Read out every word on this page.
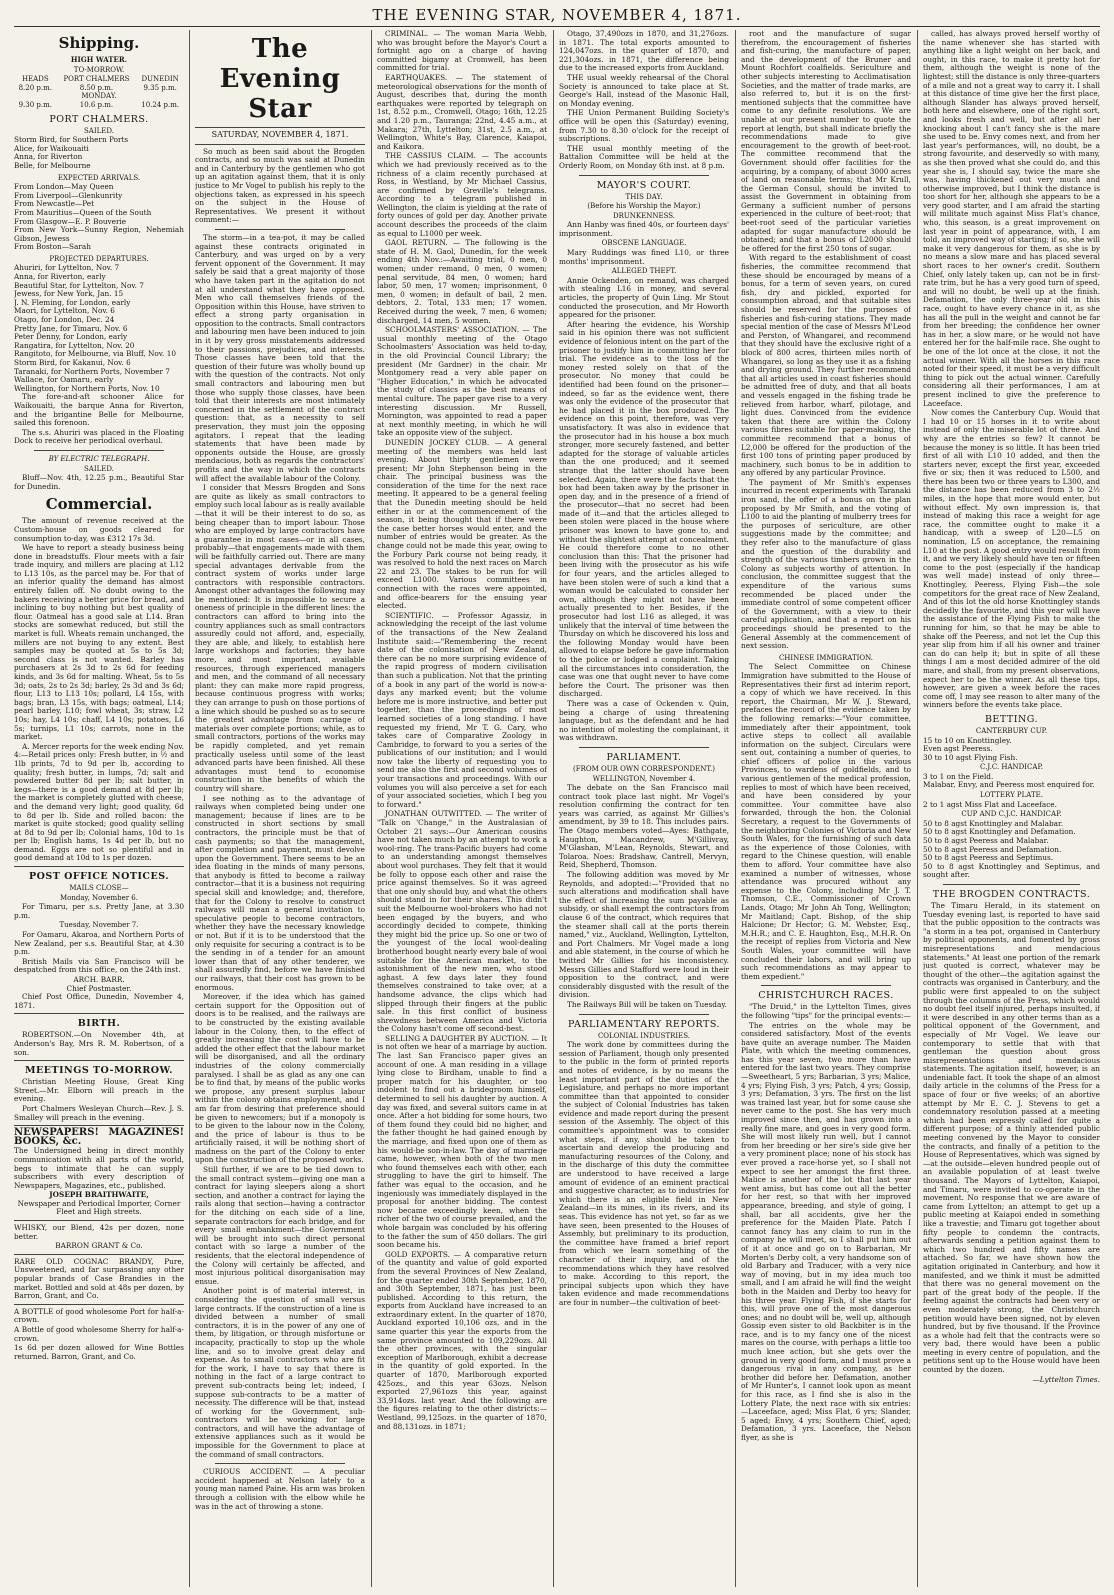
THE EVENING STAR, NOVEMBER 4, 1871.
Shipping.
HIGH WATER.
TO-MORROW.
HEADS	PORT CHALMERS	DUNEDIN
8.20 p.m.	8.50 p.m.	9.35 p.m.
MONDAY.		
9.30 p.m.	10.6 p.m.	10.24 p.m.
PORT CHALMERS.
SAILED.
Storm Bird, for Southern Ports
Alice, for Waikouaiti
Anna, for Riverton
Belle, for Melbourne
EXPECTED ARRIVALS.
From London—May Queen
From Liverpool—Glenkunrity
From Newcastle—Pet
From Mauritius—Queen of the South
From Glasgow—E. P. Bouverie
From New York—Sunny Region, Nehemiah Gibson, Jewess
From Boston—Sarah
PROJECTED DEPARTURES.
Ahuriri, for Lyttelton, Nov. 7
Anna, for Riverton, early
Beautiful Star, for Lyttelton, Nov. 7
Jewess, for New York, Jan. 15
J. N. Fleming, for London, early
Maori, for Lyttelton, Nov. 6
Otago, for London, Dec. 24
Pretty Jane, for Timaru, Nov. 6
Peter Denny, for London, early
Rangatira, for Lyttelton, Nov. 20
Rangitoto, for Melbourne, via Bluff, Nov. 10
Storm Bird, for Kakanui, Nov. 6
Taranaki, for Northern Ports, November 7
Wallace, for Oamaru, early
Wellington, for Northern Ports, Nov. 10

The fore-and-aft schooner Alice for Waikouaiti, the barque Anna for Riverton, and the brigantine Belle for Melbourne, sailed this forenoon.

The s.s. Ahuriri was placed in the Floating Dock to receive her periodical overhaul.

BY ELECTRIC TELEGRAPH.
SAILED.

Bluff—Nov. 4th, 12.25 p.m., Beautiful Star for Dunedin.

Commercial.

The amount of revenue received at the Custom-house on goods cleared for consumption to-day, was £312 17s 3d.

We have to report a steady business being done in breadstuffs. Flour meets with a fair trade inquiry, and millers are placing at L12 to L13 10s, as the parcel may be. For that of an inferior quality the demand has almost entirely fallen off. No doubt owing to the bakers receiving a better price for bread, and inclining to buy nothing but best quality of flour. Oatmeal has a good sale at L14. Bran stocks are somewhat reduced, but still the market is full. Wheats remain unchanged, the millers are not buying to any extent. Best samples may be quoted at 5s to 5s 3d; second class is not wanted. Barley has purchasers at 2s 3d to 2s 6d for feeding kinds, and 3s 6d for malting. Wheat, 5s to 5s 3d; oats, 2s to 2s 3d; barley, 2s 3d and 3s 6d; flour, L13 to L13 10s; pollard, L4 15s, with bags; bran, L3 15s, with bags; oatmeal, L14; pearl barley, L10; fowl wheat, 3s; straw, L2 10s; hay, L4 10s; chaff, L4 10s; potatoes, L6 5s; turnips, L1 10s; carrots, none in the market.

A. Mercer reports for the week ending Nov. 4:—Retail prices only: Fresh butter, in ½ and 1lb prints, 7d to 9d per lb, according to quality; fresh butter, in lumps, 7d; salt and powdered butter 8d per lb; salt butter, in kegs—there is a good demand at 8d per lb; the market is completely glutted with cheese, and the demand very light; good quality, 6d to 8d per lb. Side and rolled bacon: the market is quite stocked; good quality selling at 8d to 9d per lb; Colonial hams, 10d to 1s per lb; English hams, 1s 4d per lb, but no demand. Eggs are not so plentiful and in good demand at 10d to 1s per dozen.

POST OFFICE NOTICES.
MAILS CLOSE—
Monday, November 6.

For Timaru, per s.s. Pretty Jane, at 3.30 p.m.

Tuesday, November 7.

For Oamaru, Akaroa, and Northern Ports of New Zealand, per s.s. Beautiful Star, at 4.30 p.m.

British Mails via San Francisco will be despatched from this office, on the 24th inst.

ARCH. BARR.
Chief Postmaster.

Chief Post Office, Dunedin, November 4, 1871.

BIRTH.

ROBERTSON.—On November 4th, at Anderson's Bay, Mrs R. M. Robertson, of a son.

MEETINGS TO-MORROW.

Christian Meeting House, Great King Street.—Mr. Elborn will preach in the evening.

Port Chalmers Wesleyan Church—Rev. J. S. Smalley will preach in the evening.

NEWSPAPERS! MAGAZINES! BOOKS, &c.

The Undersigned being in direct monthly communication with all parts of the world, begs to intimate that he can supply subscribers with every description of Newspapers, Magazines, etc., published.

JOSEPH BRAITHWAITE,
Newspaper and Periodical Importer, Corner Fleet and High streets.

WHISKY, our Blend, 42s per dozen, none better.

BARRON GRANT & Co.

RARE OLD COGNAC BRANDY, Pure, Unsweetened, and far surpassing any other popular brands of Case Brandies in the market. Bottled and sold at 48s per dozen, by Barron, Grant, and Co.

A BOTTLE of good wholesome Port for half-a-crown.

A Bottle of good wholesome Sherry for half-a-crown.

1s 6d per dozen allowed for Wine Bottles returned. Barron, Grant, and Co.

The Evening Star
SATURDAY, NOVEMBER 4, 1871.

So much as been said about the Brogden contracts, and so much was said at Dunedin and in Canterbury by the gentlemen who got up an agitation against them, that it is only justice to Mr Vogel to publish his reply to the objections taken, as expressed in his speech on the subject in the House of Representatives. We present it without comment:—

The storm—in a tea-pot, it may be called against these contracts originated in Canterbury, and was urged on by a very fervent opponent of the Government. It may safely be said that a great majority of those who have taken part in the agitation do not at all understand what they have opposed. Men who call themselves friends of the Opposition within this House, have striven to effect a strong party organisation in opposition to the contracts. Small contractors and labouring men have been induced to join in it by very gross misstatements addressed to their passions, prejudices, and interests. Those classes have been told that the question of their future was wholly bound up with the question of the contracts. Not only small contractors and labouring men but those who supply those classes, have been told that their interests are most intimately concerned in the settlement of the contract question: that, as a necessity to self preservation, they must join the opposing agitators. I repeat that the leading statements that have been made by opponents outside the House, are grossly mendacious, both as regards the contractors' profits and the way in which the contracts will affect the available labour of the Colony.

I consider that Messrs Brogden and Sons are quite as likely as small contractors to employ such local labour as is really available—that it will be their interest to do so, as being cheaper than to import labour. Those who are employed by large contractors have a guarantee in most cases—or in all cases, probably—that engagements made with them will be faithfully carried out. There are many special advantages derivable from the contract system of works under large contractors with responsible contractors. Amongst other advantages the following may be mentioned: It is impossible to secure a oneness of principle in the different lines: the contractors can afford to bring into the country appliances such as small contractors assuredly could not afford, and, especially, they are able, and likely, to establish here large workshops and factories; they have more, and most important, available resources, through experienced managers and men, and the command of all necessary plant: they can make more rapid progress, because continuous progress with works; they can arrange to push on those portions of a line which should be pushed so as to secure the greatest advantage from carriage of materials over complete portions; while, as to small contractors, portions of the works may be rapidly completed, and yet remain practically useless until some of the least advanced parts have been finished. All these advantages must tend to economise construction in the benefits of which the country will share.

I see nothing as to the advantage of railways when completed being under one management; because if lines are to be constructed in short sections by small contractors, the principle must be that of cash payments; so that the management, after completion and payment, must devolve upon the Government. There seems to be an idea floating in the minds of many persons, that anybody is fitted to become a railway contractor—that it is a business not requiring special skill and knowledge; and, therefore, that for the Colony to resolve to construct railways will mean a general invitation to speculative people to become contractors, whether they have the necessary knowledge or not. But if it is to be understood that the only requisite for securing a contract is to be the sending in of a tender for an amount lower than that of any other tenderer, we shall assuredly find, before we have finished our railways, that their cost has grown to be enormous.

Moreover, if the idea which has gained certain support for the Opposition out of doors is to be realised, and the railways are to be constructed by the existing available labour in the Colony, then, to the effect of greatly increasing the cost will have to be added the other effect that the labour market will be disorganised, and all the ordinary industries of the colony commercially paralysed. I shall be as glad as any one can be to find that, by means of the public works we propose, any present surplus labour within the colony obtains employment, and I am far from desiring that preference should be given to newcomers; but if a monopoly is to be given to the labour now in the Colony, and the price of labour is thus to be artificially raised, it will be nothing short of madness on the part of the Colony to enter upon the construction of the proposed works.

Still further, if we are to be tied down to the small contract system—giving one man a contract for laying sleepers along a short section, and another a contract for laying the rails along that section—having a contractor for the ditching on each side of a line, separate contractors for each bridge, and for every small embankment—the Government will be brought into such direct personal contact with so large a number of the residents, that the electoral independence of the Colony will certainly be affected, and most injurious political disorganisation may ensue.

Another point is of material interest, in considering the question of small versus large contracts. If the construction of a line is divided between a number of small contractors, it is in the power of any one of them, by litigation, or through misfortune or incapacity, practically to stop up the whole line, and so to involve great delay and expense. As to small contractors who are fit for the work, I have to say that there is nothing in the fact of a large contract to prevent sub-contracts being let; indeed, I suppose sub-contracts to be a matter of necessity. The difference will be that, instead of working for the Government, sub-contractors will be working for large contractors, and will have the advantage of extensive appliances such as it would be impossible for the Government to place at the command of small contractors.

CURIOUS ACCIDENT. — A peculiar accident happened at Nelson lately to a young man named Paine. His arm was broken through a collision with the elbow while he was in the act of throwing a stone.

CRIMINAL. — The woman Maria Webb, who was brought before the Mayor's Court a fortnight ago on a charge of having committed bigamy at Cromwell, has been committed for trial.

EARTHQUAKES. — The statement of meteorological observations for the month of August, describes that, during the month earthquakes were reported by telegraph on 1st, 8.52 p.m., Cromwell, Otago; 16th, 12.25 and 1.20 p.m., Tauranga; 22nd, 4.45 a.m., at Makara; 27th, Lyttelton; 31st, 2.5 a.m., at Wellington, White's Bay, Clarence, Kaiapoi, and Kaikora.

THE CASSIUS CLAIM. — The accounts which we had previously received as to the richness of a claim recently purchased at Ross, in Westland, by Mr Michael Cassius, are confirmed by Greville's telegrams. According to a telegram published in Wellington, the claim is yielding at the rate of forty ounces of gold per day. Another private account describes the proceeds of the claim as equal to L1000 per week.

GAOL RETURN. — The following is the state of H. M. Gaol, Dunedin, for the week ending 4th Nov.:—Awaiting trial, 0 men, 0 women; under remand, 0 men, 0 women; penal servitude, 84 men, 0 women; hard labor, 50 men, 17 women; imprisonment, 0 men, 0 women; in default of bail, 2 men. debtors, 2. Total, 133 men; 17 women. Received during the week, 7 men, 6 women; discharged, 14 men, 5 women.

SCHOOLMASTERS' ASSOCIATION. — The usual monthly meeting of the Otago Schoolmasters' Association was held to-day, in the old Provincial Council Library; the president (Mr Gardner) in the chair. Mr Montgomery read a very able paper on "Higher Education," in which he advocated the study of classics as the best means of mental culture. The paper gave rise to a very interesting discussion. Mr Russell, Mornington, was appointed to read a paper at next monthly meeting, in which he will take an opposite view of the subject.

DUNEDIN JOCKEY CLUB. — A general meeting of the members was held last evening. About thirty gentlemen were present; Mr John Stephenson being in the chair. The principal business was the consideration of the time for the next race meeting. It appeared to be a general feeling that the Dunedin meeting should be held either in or at the commencement of the season, it being thought that if there were the case better horses would enter, and the number of entries would be greater. As the change could not be made this year, owing to the Forbury Park course not being ready, it was resolved to hold the next races on March 22 and 23. The stakes to be run for will exceed L1000. Various committees in connection with the races were appointed, and office-bearers for the ensuing year elected.

SCIENTIFIC. — Professor Agassiz, in acknowledging the receipt of the last volume of the transactions of the New Zealand Institute said:—"Remembering the recent date of the colonisation of New Zealand, there can be no more surprising evidence of the rapid progress of modern civilisation than such a publication. Not that the printing of a book in any part of the world is now-a-days any marked event; but the volume before me is more instructive, and better put together, than the proceedings of most learned societies of a long standing. I have requested my friend, Mr T. G. Cary, who takes care of Comparative Zoology in Cambridge, to forward to you a series of the publications of our institution; and I would now take the liberty of requesting you to send me also the first and second volumes of your transactions and proceedings. With our volumes you will also perceive a set for each of your associated societies, which I beg you to forward."

JONATHAN OUTWITTED. — The writer of "Talk on 'Change," in the Australasian of October 21 says:—Our American cousins have not taken much by an attempt to work a wool-ring. The trans-Pacific buyers had come to an understanding amongst themselves about wool purchases. They felt that it would be folly to oppose each other and raise the price against themselves. So it was agreed that one only should buy, and what the others should stand in for their shares. This didn't suit the Melbourne wool-brokers who had not been engaged by the buyers, and who accordingly decided to compete, thinking they might bid the price up. So one or two of the youngest of the local wool-dealing brotherhood bought nearly every bale of wool suitable for the American market, to the astonishment of the new men, who stood aghast. A few days later they found themselves constrained to take over, at a handsome advance, the clips which had slipped through their fingers at the public sale. In this first conflict of business shrewdness between America and Victoria the Colony hasn't come off second-best.

SELLING A DAUGHTER BY AUCTION. — It is not often we hear of a marriage by auction. The last San Francisco paper gives an account of one. A man residing in a village lying close to Birdham, unable to find a proper match for his daughter, or too indolent to find out a bridegroom himself, determined to sell his daughter by auction. A day was fixed, and several suitors came in at once. After a hot bidding for some hours, two of them found they could bid no higher, and the father thought he had gained enough by the marriage, and fixed upon one of them as his would-be son-in-law. The day of marriage came, however, when both of the two men who found themselves each with other, each struggling to have the girl to himself. The father was equal to the occasion, and he ingeniously was immediately displayed in the proposal for another bidding. The contest now became exceedingly keen, when the richer of the two of course prevailed, and the whole bargain was concluded by his offering to the father the sum of 450 dollars. The girl soon became his.

GOLD EXPORTS. — A comparative return of the quantity and value of gold exported from the several Provinces of New Zealand, for the quarter ended 30th September, 1870, and 30th September, 1871, has just been published. According to this return, the exports from Auckland have increased to an extraordinary extent. In the quarter of 1870, Auckland exported 10,106 ozs, and in the same quarter this year the exports from the same province amounted to 109,229ozs. All the other provinces, with the singular exception of Marlborough, exhibit a decrease in the quantity of gold exported. In the quarter of 1870, Marlborough exported 425ozs., and this year 63ozs. Nelson exported 27,961ozs this year, against 33,914ozs. last year. And the following are the figures relating to the other districts:—Westland, 99,125ozs. in the quarter of 1870, and 88,131ozs. in 1871;

Otago, 37,490ozs in 1870, and 31,276ozs. in 1871. The total exports amounted to 124,047ozs. in the quarter of 1870, and 221,304ozs. in 1871, the difference being due to the increased exports from Auckland.

THE usual weekly rehearsal of the Choral Society is announced to take place at St. George's Hall, instead of the Masonic Hall, on Monday evening.

THE Union Permanent Building Society's office will be open this (Saturday) evening, from 7.30 to 8.30 o'clock for the receipt of subscriptions.

THE usual monthly meeting of the Battalion Committee will be held at the Orderly Room, on Monday 6th inst. at 8 p.m.

MAYOR'S COURT.
THIS DAY.
(Before his Worship the Mayor.)
DRUNKENNESS.

Ann Hanby was fined 40s, or fourteen days' imprisonment.

OBSCENE LANGUAGE.

Mary Ruddings was fined L10, or three months' imprisonment.

ALLEGED THEFT.

Annie Ockenden, on remand, was charged with stealing L16 in money, and several articles, the property of Quin Ling. Mr Stout conducted the prosecution, and Mr Howorth appeared for the prisoner.

After hearing the evidence, his Worship said in his opinion there was not sufficient evidence of felonious intent on the part of the prisoner to justify him in committing her for trial. The evidence as to the loss of the money rested solely on that of the prosecutor. No money that could be identified had been found on the prisoner—indeed, so far as the evidence went, there was only the evidence of the prosecutor that he had placed it in the box produced. The evidence on this point, therefore, was very unsatisfactory. It was also in evidence that the prosecutor had in his house a box much stronger, more securely fastened, and better adapted for the storage of valuable articles than the one produced; and it seemed strange that the latter should have been selected. Again, there were the facts that the box had been taken away by the prisoner in open day, and in the presence of a friend of the prosecutor—that no secret had been made of it—and that the articles alleged to been stolen were placed in the house where prisoner was known to have gone to, and without the slightest attempt at concealment. He could therefore come to no other conclusion than this: That the prisoner had been living with the prosecutor as his wife for four years, and the articles alleged to have been stolen were of such a kind that a woman would be calculated to consider her own, although they might not have been actually presented to her. Besides, if the prosecutor had lost L16 as alleged, it was unlikely that the interval of time between the Thursday on which he discovered his loss and the following Monday would have been allowed to elapse before he gave information to the police or lodged a complaint. Taking all the circumstances into consideration, the case was one that ought never to have come before the Court. The prisoner was then discharged.

There was a case of Ockenden v. Quin, being a charge of using threatening language, but as the defendant and he had no intention of molesting the complainant, it was withdrawn.

PARLIAMENT.
(FROM OUR OWN CORRESPONDENT.)
WELLINGTON, November 4.

The debate on the San Francisco mail contract took place last night. Mr Vogel's resolution confirming the contract for ten years was carried, as against Mr Gillies's amendment, by 39 to 18. This includes pairs. The Otago members voted—Ayes: Bathgate, Haughton, Macandrew, M'Gillivray, M'Glashan, M'Lean, Reynolds, Stewart, and Tolaroa. Noes: Bradshaw, Cantrell, Mervyn, Reid, Shepherd, Thomson.

The following addition was moved by Mr Reynolds, and adopted:—"Provided that no such alterations and modification shall have the effect of increasing the sum payable as subsidy, or shall exempt the contractors from clause 6 of the contract, which requires that the steamer shall call at the ports therein named," viz., Auckland, Wellington, Lyttelton, and Port Chalmers. Mr Vogel made a long and able statement, in the course of which he twitted Mr Gillies for his inconsistency. Messrs Gillies and Stafford were loud in their opposition to the contract, and were considerably disgusted with the result of the division.

The Railways Bill will be taken on Tuesday.

PARLIAMENTARY REPORTS.
COLONIAL INDUSTRIES.

The work done by committees during the session of Parliament, though only presented to the public in the form of printed reports and notes of evidence, is by no means the least important part of the duties of the Legislature, and perhaps no more important committee than that appointed to consider the subject of Colonial Industries has taken evidence and made report during the present session of the Assembly. The object of this committee's appointment was to consider what steps, if any, should be taken to ascertain and develop the producing and manufacturing resources of the Colony, and in the discharge of this duty the committee are understood to have received a large amount of evidence of an eminent practical and suggestive character, as to industries for which there is an eligible field in New Zealand—in its mines, in its rivers, and its seas. This evidence has not yet, so far as we have seen, been presented to the Houses of Assembly, but preliminary to its production, the committee have framed a brief report from which we learn something of the character of their inquiry, and of the recommendations which they have resolved to make. According to this report, the principal subjects upon which they have taken evidence and made recommendations are four in number—the cultivation of beet-

root and the manufacture of sugar therefrom, the encouragement of fisheries and fish-curing, the manufacture of paper, and the development of the Bruner and Mount Rochfort coalfields. Sericulture and other subjects interesting to Acclimatisation Societies, and the matter of trade marks, are also referred to, but it is on the first-mentioned subjects that the committee have come to any definite resolutions. We are unable at our present number to quote the report at length, but shall indicate briefly the recommendations made to give encouragement to the growth of beet-root. The committee recommend that the Government should offer facilities for the acquiring, by a company, of about 3000 acres of land on reasonable terms; that Mr Krull, the German Consul, should be invited to assist the Government in obtaining from Germany a sufficient number of persons experienced in the culture of beet-root; that beet-root seed of the particular varieties adapted for sugar manufacture should be obtained; and that a bonus of L2000 should be offered for the first 250 tons of sugar.

With regard to the establishment of coast fisheries, the committee recommend that these should be encouraged by means of a bonus, for a term of seven years, on cured fish, dry and pickled, exported for consumption abroad, and that suitable sites should be reserved for the purposes of fisheries and fish-curing stations. They made special mention of the case of Messrs M'Leod and Perston, of Whangarei, and recommend that they should have the exclusive right of a block of 800 acres, thirteen miles north of Whangarei, so long as they use it as a fishing and drying ground. They further recommend that all articles used in coast fisheries should be admitted free of duty, and that all boats and vessels engaged in the fishing trade be relieved from harbor, wharf, pilotage, and light dues. Convinced from the evidence taken that there are within the Colony various fibres suitable for paper-making, the committee recommend that a bonus of L2,000 be offered for the production of the first 100 tons of printing paper produced by machinery, such bonus to be in addition to any offered by any particular Province.

The payment of Mr Smith's expenses incurred in recent experiments with Taranaki iron sand, the offer of a bonus on the plan proposed by Mr Smith, and the voting of L100 to aid the planting of mulberry trees for the purposes of sericulture, are other suggestions made by the committee; and they refer also to the manufacture of glass and the question of the durability and strength of the various timbers grown in the Colony as subjects worthy of attention. In conclusion, the committee suggest that the expenditure of the various sums recommended be placed under the immediate control of some competent officer of the Government, with a view to their careful application, and that a report on his proceedings should be presented to the General Assembly at the commencement of next session.

CHINESE IMMIGRATION.

The Select Committee on Chinese Immigration have submitted to the House of Representatives their first ad interim report, a copy of which we have received. In this report, the Chairman, Mr W. J. Steward, prefaces the record of the evidence taken by the following remarks:—"Your committee, immediately after their appointment, took active steps to collect all available information on the subject. Circulars were sent out, containing a number of queries, to chief officers of police in the various Provinces, to wardens of goldfields, and to various gentlemen of the medical profession, replies to most of which have been received, and have been considered by your committee. Your committee have also forwarded, through the hon. the Colonial Secretary, a request to the Governments of the neighboring Colonies of Victoria and New South Wales, for the furnishing of such data as the experience of those Colonies, with regard to the Chinese question, will enable them to afford. Your committee have also examined a number of witnesses, whose attendance was procured without any expense to the Colony, including Mr J. T. Thomson, C.E., Commissioner of Crown Lands, Otago; Mr John Ah Tong, Wellington; Mr Maitland; Capt. Bishop, of the ship Halcione; Dr Hector; G. M. Webster, Esq., M.H.R.; and C. E. Haughton, Esq., M.H.R. On the receipt of replies from Victoria and New South Wales, your committee will have concluded their labors, and will bring up such recommendations as may appear to them expedient."

CHRISTCHURCH RACES.

"The Druid," in the Lyttelton Times, gives the following "tips" for the principal events:—

The entries on the whole may be considered satisfactory. Most of the events have quite an average number. The Maiden Plate, with which the meeting commences, has this year seven, two more than have entered for the last two years. They comprise—Sweetheart, 5 yrs; Barbarian, 3 yrs; Malice, 4 yrs; Flying Fish, 3 yrs; Patch, 4 yrs; Gossip, 3 yrs; Defamation, 3 yrs. The first on the list was trained last year, but for some cause she never came to the post. She has very much improved since then, and has grown into a really fine mare, and goes in very good form. She will most likely run well, but I cannot from her breeding or her sire's side give her a very prominent place; none of his stock has ever proved a race-horse yet, so I shall not expect to see her amongst the first three. Malice is another of the lot that last year went amiss, but has come out all the better for her rest, so that with her improved appearance, breeding, and style of going, I shall, bar all accidents, give her the preference for the Maiden Plate. Patch I cannot fancy has any claim to run in the company he will meet, so I shall put him out of it at once and go on to Barbarian, Mr Morten's Derby colt, a very handsome son of old Barbary and Traducer, with a very nice way of moving, but in my idea much too small, and I am afraid he will find the weight both in the Maiden and Derby too heavy for his three year. Flying Fish, if she starts for this, will prove one of the most dangerous ones; and no doubt will be, well up, although Gossip even sister to old Backbiter is in the race, and is to my fancy one of the nicest mares on the course, with perhaps a little too much knee action, but she gets over the ground in very good form, and I must prove a dangerous rival in any company, as her brother did before her. Defamation, another of Mr Hunter's, I cannot look upon as meant for this race, as I find she is also in the Lottery Plate, the next race with six entries:—Laceeface, aged; Miss Flat, 6 yrs; Slander, 5 aged; Envy, 4 yrs; Southern Chief, aged; Defamation, 3 yrs. Laceeface, the Nelson flyer, as she is

called, has always proved herself worthy of the name whenever she has started with anything like a light weight on her back, and ought, in this race, to make it pretty hot for them, although the weight is none of the lightest; still the distance is only three-quarters of a mile and not a great way to carry it. I shall at this distance of time give her the first place, although Slander has always proved herself, both here and elsewhere, one of the right sort, and looks fresh and well, but after all her knocking about I can't fancy she is the mare she used to be. Envy comes next, and from her last year's performances, will, no doubt, be a strong favourite, and deservedly so with many, as she then proved what she could do, and this year she is, I should say, twice the mare she was, having thickened out very much and otherwise improved, but I think the distance is too short for her, although she appears to be a very good starter, and I am afraid the starting will militate much against Miss Flat's chance, who, this season, is a great improvement on last year in point of appearance, with, I am told, an improved way of starting; if so, she will make it very dangerous for them, as she is by no means a slow mare and has placed several short races to her owner's credit. Southern Chief, only lately taken up, can not be in first-rate trim, but he has a very good turn of speed, and will no doubt, be well up at the finish. Defamation, the only three-year old in this race, ought to have every chance in it, as she has all the pull in the weight and cannot be far from her breeding; the confidence her owner has in her, a slow mare, or he would not have entered her for the half-mile race. She ought to be one of the lot once at the close, it not the actual winner. With all the horses in this race noted for their speed, it must be a very difficult thing to pick out the actual winner. Carefully considering all their performances, I am at present inclined to give the preference to Laceeface.

Now comes the Canterbury Cup. Would that I had 10 or 15 horses in it to write about instead of only the miserable lot of three. And why are the entries so few? It cannot be because the money is so little. It has been tried first of all with L10 10 added, and then the starters never, except the first year, exceeded five or six; then it was reduced to L500, and there has been two or three years to L300, and the distance has been reduced from 3 to 2½ miles, in the hope that more would enter, but without effect. My own impression is, that instead of making this race a weight for age race, the committee ought to make it a handicap, with a sweep of L20—L5 on nomination, L5 on acceptance, the remaining L10 at the post. A good entry would result from it, and we very likely should have ten or fifteen come to the post (especially if the handicap was well made) instead of only three—Knottingley, Peeress, Flying Fish—the sole competitors for the great race of New Zealand, And of this lot the old horse Knottingley stands decidedly the favourite, and this year will have the assistance of the Flying Fish to make the running for him, so that he may be able to shake off the Peeress, and not let the Cup this year slip from him if all his owner and trainer can do can help it; but in spite of all these things I am a most decided admirer of the old mare, and shall, from my present observations, expect her to be the winner. As all these tips, however, are given a week before the races come off, I may see reason to alter many of the winners before the events take place.

BETTING.
CANTERBURY CUP.
15 to 10 on Knottingley.
Even agst Peeress.
30 to 10 agst Flying Fish.
C.J.C. HANDICAP.
3 to 1 on the Field.
Malabar, Envy, and Peeress most enquired for.
LOTTERY PLATE.
2 to 1 agst Miss Flat and Laceeface.
CUP AND C.J.C. HANDICAP.
50 to 8 agst Knottingley and Malabar.
50 to 8 agst Knottingley and Defamation.
50 to 8 agst Peeress and Malabar.
50 to 8 agst Peeress and Defamation.
50 to 8 agst Peeress and Septimus.
50 to 8 agst Knottingley and Septimus, and sought after.
THE BROGDEN CONTRACTS.

The Timaru Herald, in its statement on Tuesday evening last, is reported to have said that the public opposition to the contracts was "a storm in a tea pot, organised in Canterbury by political opponents, and fomented by gross misrepresentations and mendacious statements." At least one portion of the remark just quoted is correct, whatever may be thought of the other—the agitation against the contracts was organised in Canterbury, and the public were first appealed to on the subject through the columns of the Press, which would no doubt feel itself injured, perhaps insulted, if it were described in any other terms than as a political opponent of the Government, and especially of Mr Vogel. We leave our contemporary to settle that with that gentleman the question about gross misrepresentations and mendacious statements. The agitation itself, however, is an undeniable fact. It took the shape of an almost daily article in the columns of the Press for a space of four or five weeks; of an abortive attempt by Mr E. C. J. Stevens to get a condemnatory resolution passed at a meeting which had been expressly called for quite a different purpose; of a thinly attended public meeting convened by the Mayor to consider the contracts, and finally of a petition to the House of Representatives, which was signed by—at the outside—eleven hundred people out of an available population of at least twelve thousand. The Mayors of Lyttelton, Kaiapoi, and Timaru, were invited to co-operate in the movement. No response that we are aware of came from Lyttelton; an attempt to get up a public meeting at Kaiapoi ended in something like a travestie; and Timaru got together about fifty people to condemn the contracts, afterwards sending a petition against them to which two hundred and fifty names are attached. So far, we have shown how the agitation originated in Canterbury, and how it manifested, and we think it must be admitted that there was no general movement on the part of the great body of the people. If the feeling against the contracts had been very or even moderately strong, the Christchurch petition would have been signed, not by eleven hundred, but by five thousand. If the Province as a whole had felt that the contracts were so very bad, there would have been a public meeting in every centre of population, and the petitions sent up to the House would have been counted by the dozen.

—Lyttelton Times.
